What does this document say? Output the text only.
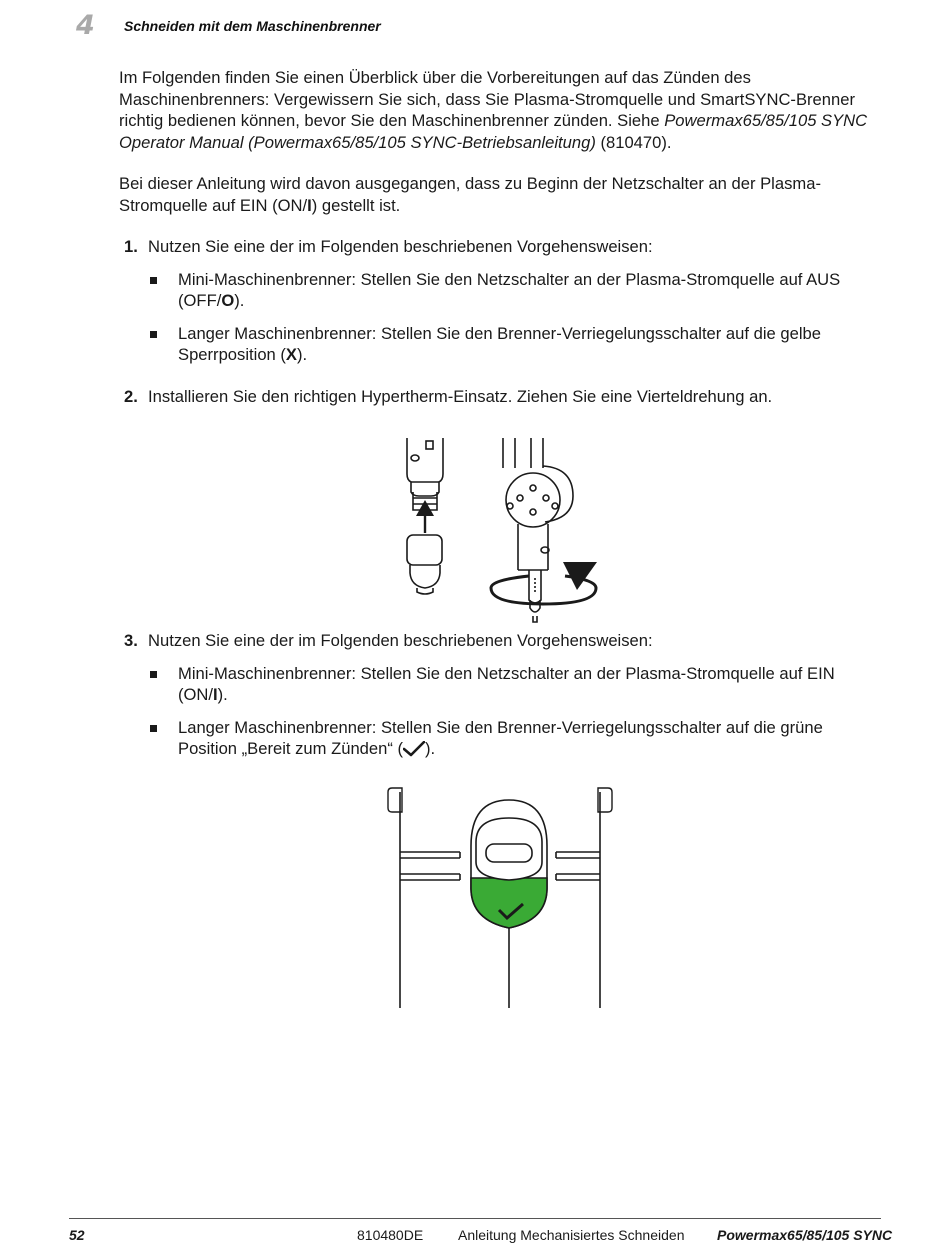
4 Schneiden mit dem Maschinenbrenner

Im Folgenden finden Sie einen Überblick über die Vorbereitungen auf das Zünden des Maschinenbrenners: Vergewissern Sie sich, dass Sie Plasma-Stromquelle und SmartSYNC-Brenner richtig bedienen können, bevor Sie den Maschinenbrenner zünden. Siehe Powermax65/85/105 SYNC Operator Manual (Powermax65/85/105 SYNC-Betriebsanleitung) (810470).

Bei dieser Anleitung wird davon ausgegangen, dass zu Beginn der Netzschalter an der Plasma-Stromquelle auf EIN (ON/I) gestellt ist.

1. Nutzen Sie eine der im Folgenden beschriebenen Vorgehensweisen:
Mini-Maschinenbrenner: Stellen Sie den Netzschalter an der Plasma-Stromquelle auf AUS (OFF/O).
Langer Maschinenbrenner: Stellen Sie den Brenner-Verriegelungsschalter auf die gelbe Sperrposition (X).
2. Installieren Sie den richtigen Hypertherm-Einsatz. Ziehen Sie eine Vierteldrehung an.
3. Nutzen Sie eine der im Folgenden beschriebenen Vorgehensweisen:
Mini-Maschinenbrenner: Stellen Sie den Netzschalter an der Plasma-Stromquelle auf EIN (ON/I).
Langer Maschinenbrenner: Stellen Sie den Brenner-Verriegelungsschalter auf die grüne Position „Bereit zum Zünden“ ( ).
52	810480DE Anleitung Mechanisiertes Schneiden Powermax65/85/105 SYNC
